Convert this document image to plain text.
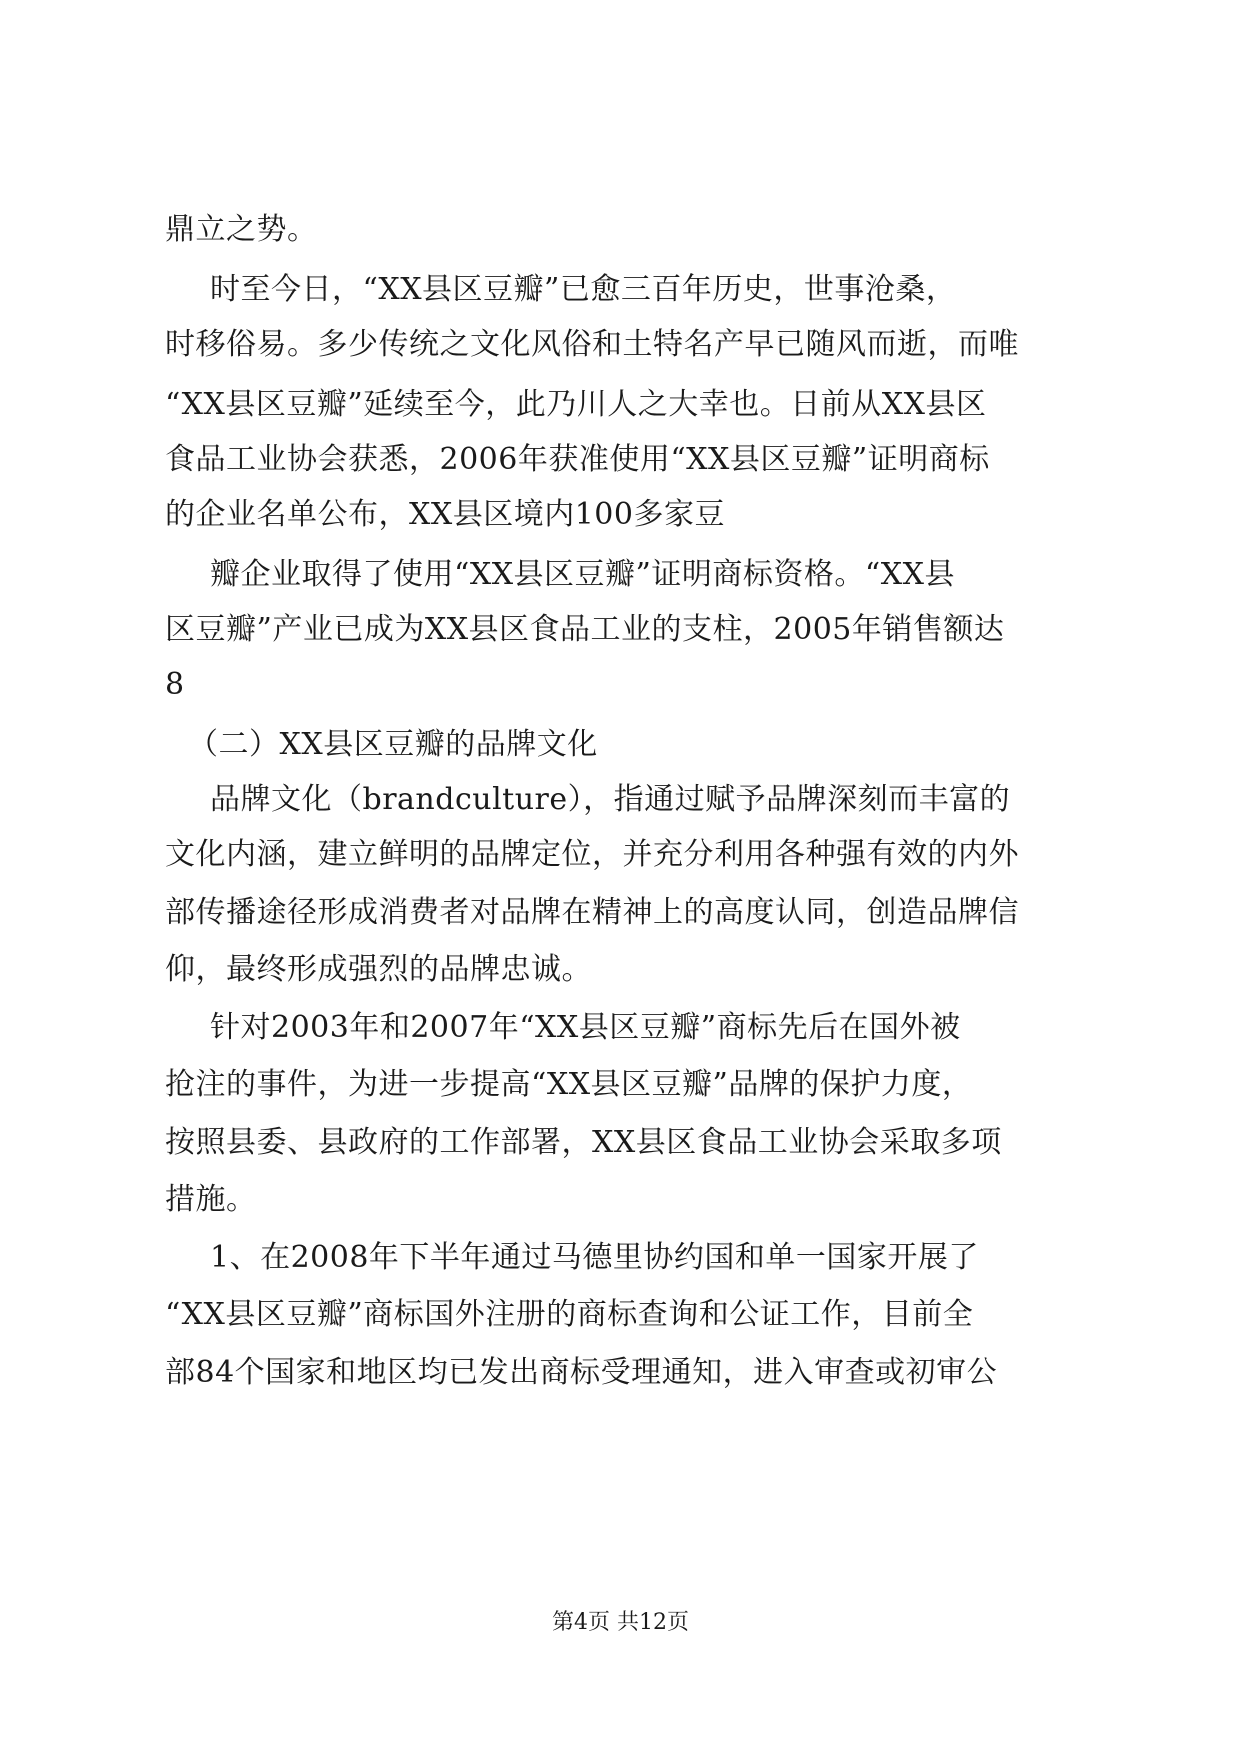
鼎立之势。

时至今日，“XX县区豆瓣”已愈三百年历史，世事沧桑，

时移俗易。多少传统之文化风俗和土特名产早已随风而逝，而唯

“XX县区豆瓣”延续至今，此乃川人之大幸也。日前从XX县区

食品工业协会获悉，2006年获准使用“XX县区豆瓣”证明商标

的企业名单公布，XX县区境内100多家豆

瓣企业取得了使用“XX县区豆瓣”证明商标资格。“XX县

区豆瓣”产业已成为XX县区食品工业的支柱，2005年销售额达

8

（二）XX县区豆瓣的品牌文化

品牌文化（brandculture），指通过赋予品牌深刻而丰富的

文化内涵，建立鲜明的品牌定位，并充分利用各种强有效的内外

部传播途径形成消费者对品牌在精神上的高度认同，创造品牌信

仰，最终形成强烈的品牌忠诚。

针对2003年和2007年“XX县区豆瓣”商标先后在国外被

抢注的事件，为进一步提高“XX县区豆瓣”品牌的保护力度，

按照县委、县政府的工作部署，XX县区食品工业协会采取多项

措施。

1、在2008年下半年通过马德里协约国和单一国家开展了

“XX县区豆瓣”商标国外注册的商标查询和公证工作，目前全

部84个国家和地区均已发出商标受理通知，进入审查或初审公

第4页 共12页
